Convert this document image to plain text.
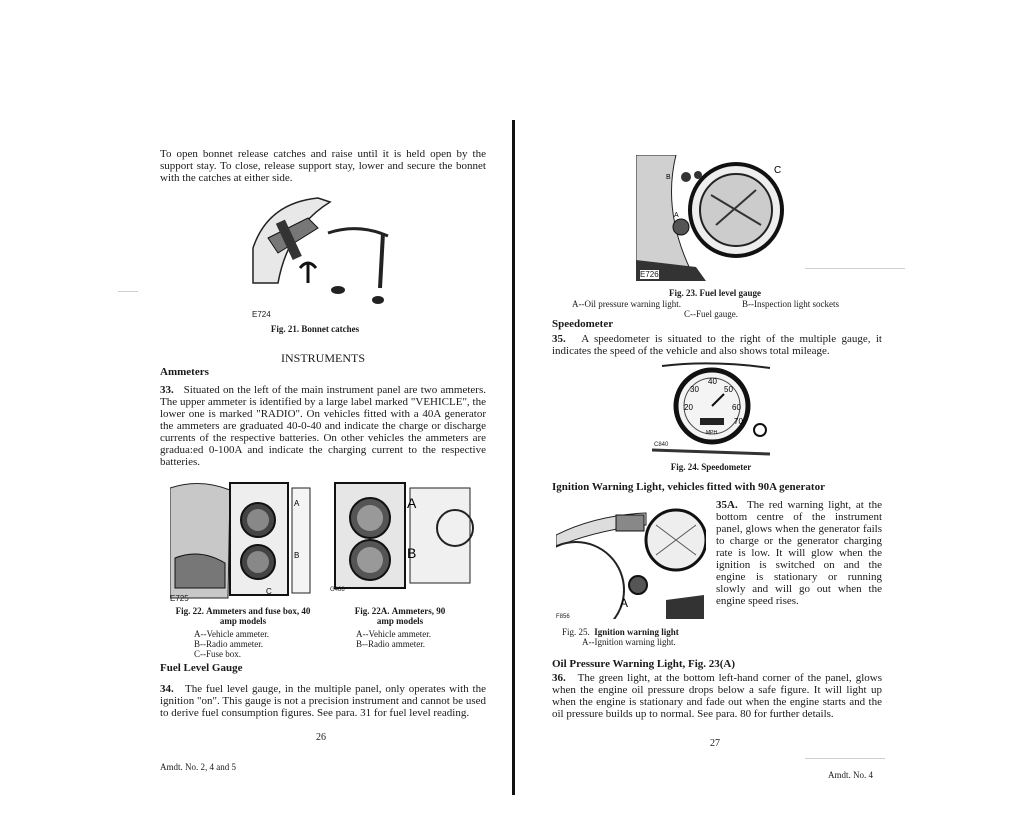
To open bonnet release catches and raise until it is held open by the support stay. To close, release support stay, lower and secure the bonnet with the catches at either side.

E724
Fig. 21. Bonnet catches
INSTRUMENTS
Ammeters

33. Situated on the left of the main instrument panel are two ammeters. The upper ammeter is identified by a large label marked "VEHICLE", the lower one is marked "RADIO". On vehicles fitted with a 40A generator the ammeters are graduated 40-0-40 and indicate the charge or discharge currents of the respective batteries. On other vehicles the ammeters are gradua:ed 0-100A and indicate the charging current to the respective batteries.

A
B
C
E725
A
B
G488
Fig. 22. Ammeters and fuse box, 40 amp models
A--Vehicle ammeter.
B--Radio ammeter.
C--Fuse box.
Fig. 22A. Ammeters, 90 amp models
A--Vehicle ammeter.
B--Radio ammeter.
Fuel Level Gauge

34. The fuel level gauge, in the multiple panel, only operates with the ignition "on". This gauge is not a precision instrument and cannot be used to derive fuel consumption figures. See para. 31 for fuel level reading.

26
Amdt. No. 2, 4 and 5
A
B
C
E726
Fig. 23. Fuel level gauge
A--Oil pressure warning light.	B--Inspection light sockets
C--Fuel gauge.
Speedometer

35. A speedometer is situated to the right of the multiple gauge, it indicates the speed of the vehicle and also shows total mileage.

30
40
50
20	60
70
MPH
C840
Fig. 24. Speedometer
Ignition Warning Light, vehicles fitted with 90A generator
A
F856
Fig. 25. Ignition warning light
A--Ignition warning light.

35A. The red warning light, at the bottom centre of the instrument panel, glows when the generator fails to charge or the generator charging rate is low. It will glow when the ignition is switched on and the engine is stationary or running slowly and will go out when the engine speed rises.

Oil Pressure Warning Light, Fig. 23(A)

36. The green light, at the bottom left-hand corner of the panel, glows when the engine oil pressure drops below a safe figure. It will light up when the engine is stationary and fade out when the engine starts and the oil pressure builds up to normal. See para. 80 for further details.

27
Amdt. No. 4
